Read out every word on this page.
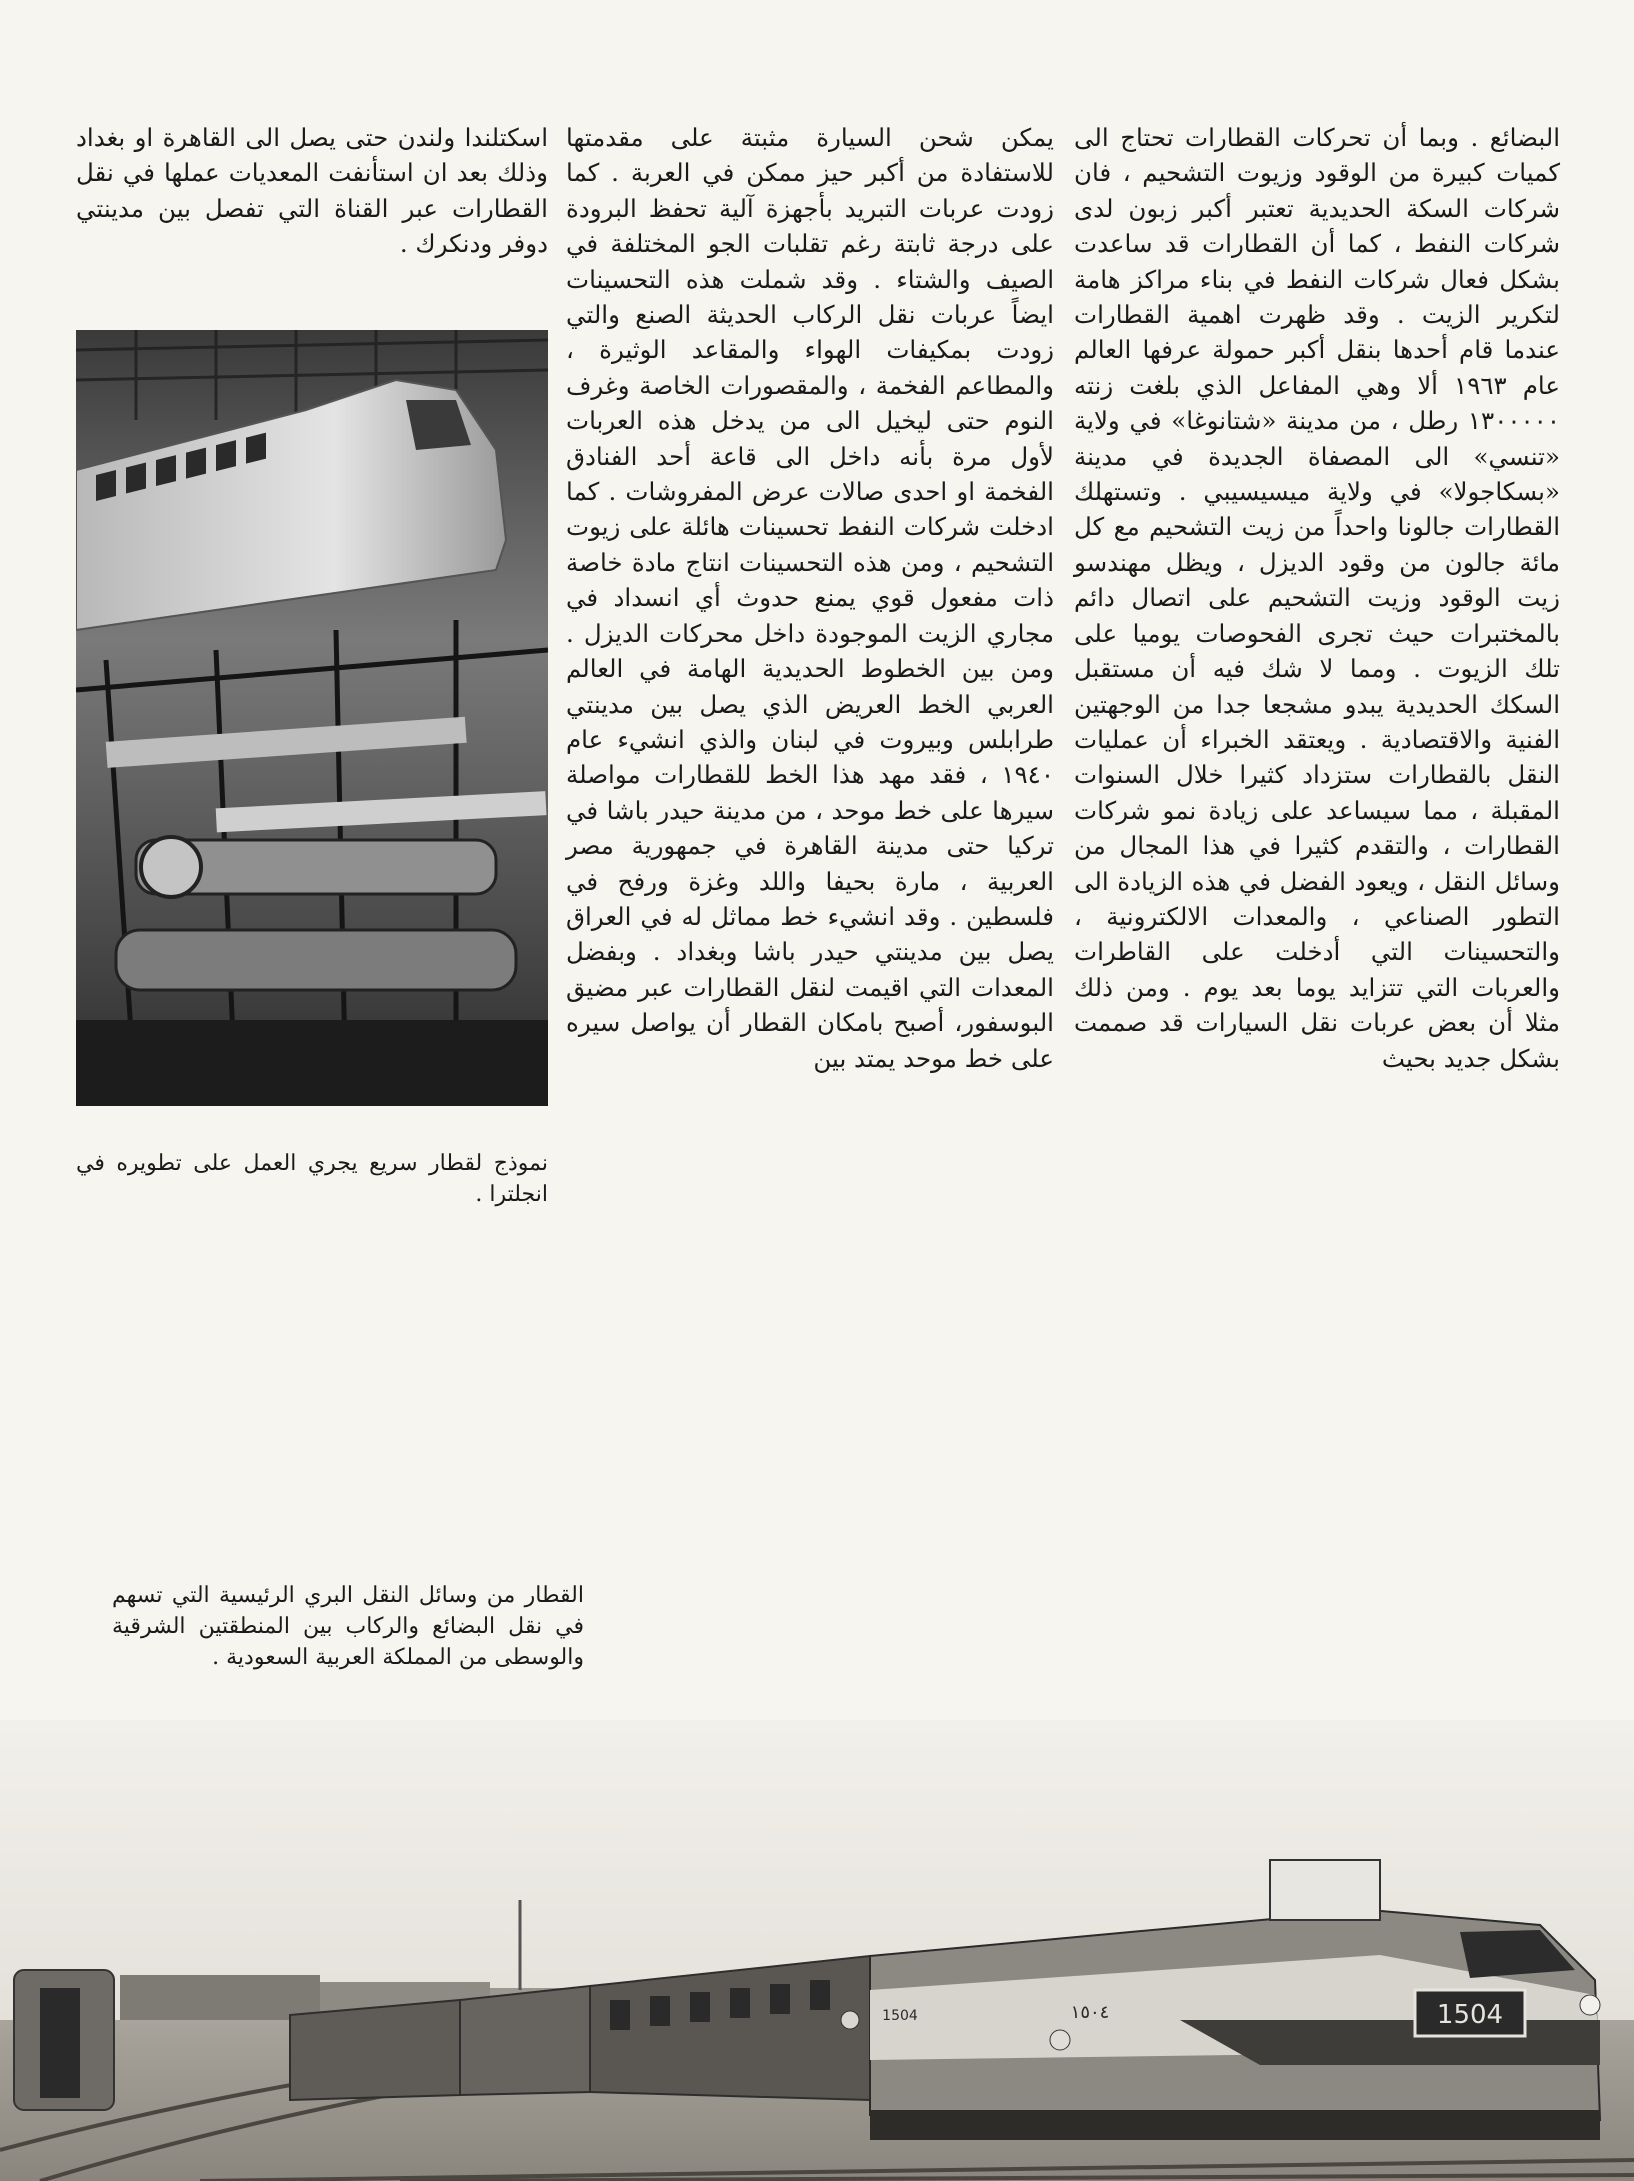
البضائع . وبما أن تحركات القطارات تحتاج الى كميات كبيرة من الوقود وزيوت التشحيم ، فان شركات السكة الحديدية تعتبر أكبر زبون لدى شركات النفط ، كما أن القطارات قد ساعدت بشكل فعال شركات النفط في بناء مراكز هامة لتكرير الزيت . وقد ظهرت اهمية القطارات عندما قام أحدها بنقل أكبر حمولة عرفها العالم عام ١٩٦٣ ألا وهي المفاعل الذي بلغت زنته ١٣٠٠٠٠٠ رطل ، من مدينة «شتانوغا» في ولاية «تنسي» الى المصفاة الجديدة في مدينة «بسكاجولا» في ولاية ميسيسيبي . وتستهلك القطارات جالونا واحداً من زيت التشحيم مع كل مائة جالون من وقود الديزل ، ويظل مهندسو زيت الوقود وزيت التشحيم على اتصال دائم بالمختبرات حيث تجرى الفحوصات يوميا على تلك الزيوت . ومما لا شك فيه أن مستقبل السكك الحديدية يبدو مشجعا جدا من الوجهتين الفنية والاقتصادية . ويعتقد الخبراء أن عمليات النقل بالقطارات ستزداد كثيرا خلال السنوات المقبلة ، مما سيساعد على زيادة نمو شركات القطارات ، والتقدم كثيرا في هذا المجال من وسائل النقل ، ويعود الفضل في هذه الزيادة الى التطور الصناعي ، والمعدات الالكترونية ، والتحسينات التي أدخلت على القاطرات والعربات التي تتزايد يوما بعد يوم . ومن ذلك مثلا أن بعض عربات نقل السيارات قد صممت بشكل جديد بحيث

يمكن شحن السيارة مثبتة على مقدمتها للاستفادة من أكبر حيز ممكن في العربة . كما زودت عربات التبريد بأجهزة آلية تحفظ البرودة على درجة ثابتة رغم تقلبات الجو المختلفة في الصيف والشتاء . وقد شملت هذه التحسينات ايضاً عربات نقل الركاب الحديثة الصنع والتي زودت بمكيفات الهواء والمقاعد الوثيرة ، والمطاعم الفخمة ، والمقصورات الخاصة وغرف النوم حتى ليخيل الى من يدخل هذه العربات لأول مرة بأنه داخل الى قاعة أحد الفنادق الفخمة او احدى صالات عرض المفروشات . كما ادخلت شركات النفط تحسينات هائلة على زيوت التشحيم ، ومن هذه التحسينات انتاج مادة خاصة ذات مفعول قوي يمنع حدوث أي انسداد في مجاري الزيت الموجودة داخل محركات الديزل . ومن بين الخطوط الحديدية الهامة في العالم العربي الخط العريض الذي يصل بين مدينتي طرابلس وبيروت في لبنان والذي انشيء عام ١٩٤٠ ، فقد مهد هذا الخط للقطارات مواصلة سيرها على خط موحد ، من مدينة حيدر باشا في تركيا حتى مدينة القاهرة في جمهورية مصر العربية ، مارة بحيفا واللد وغزة ورفح في فلسطين . وقد انشيء خط مماثل له في العراق يصل بين مدينتي حيدر باشا وبغداد . وبفضل المعدات التي اقيمت لنقل القطارات عبر مضيق البوسفور، أصبح بامكان القطار أن يواصل سيره على خط موحد يمتد بين

اسكتلندا ولندن حتى يصل الى القاهرة او بغداد وذلك بعد ان استأنفت المعديات عملها في نقل القطارات عبر القناة التي تفصل بين مدينتي دوفر ودنكرك .

نموذج لقطار سريع يجري العمل على تطويره في انجلترا .
القطار من وسائل النقل البري الرئيسية التي تسهم في نقل البضائع والركاب بين المنطقتين الشرقية والوسطى من المملكة العربية السعودية .
1504
١٥٠٤
1504
